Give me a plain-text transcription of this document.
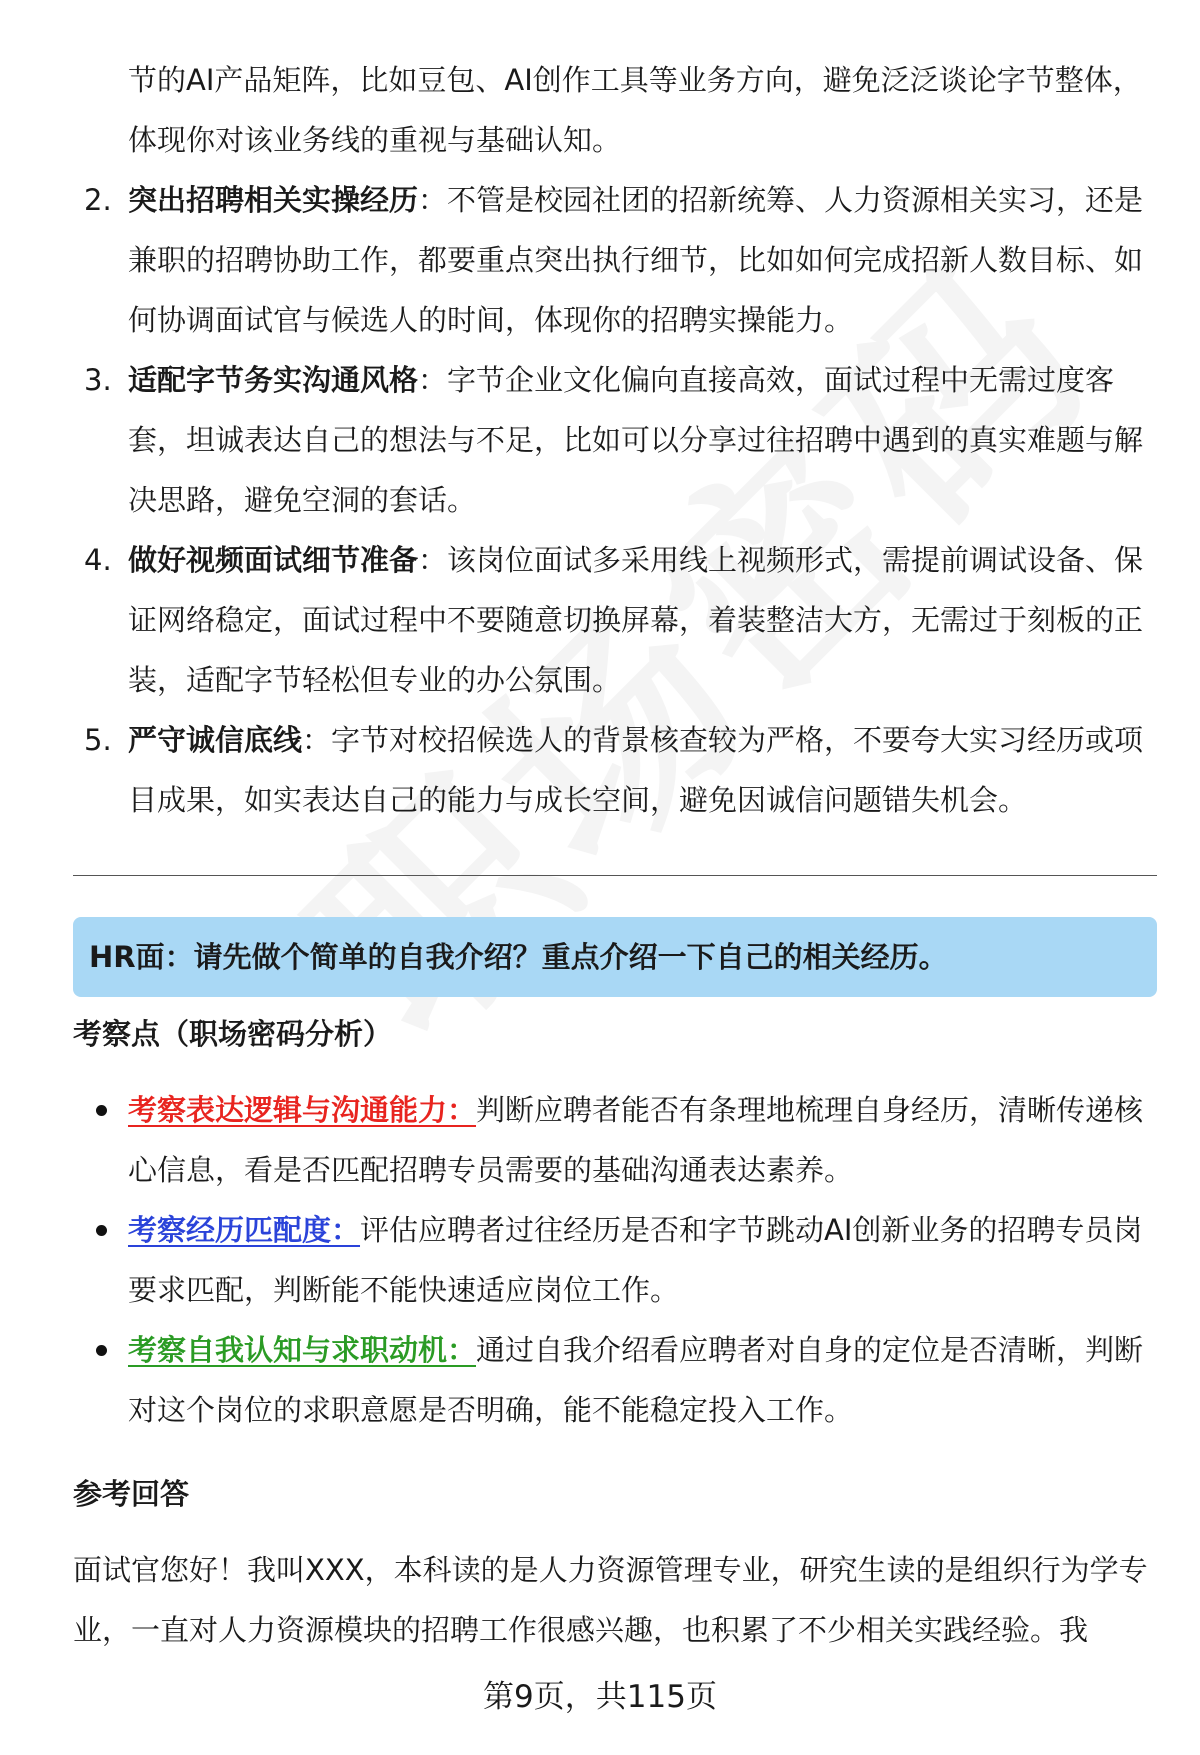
节的AI产品矩阵，比如豆包、AI创作工具等业务方向，避免泛泛谈论字节整体，体现你对该业务线的重视与基础认知。
2. 突出招聘相关实操经历：不管是校园社团的招新统筹、人力资源相关实习，还是兼职的招聘协助工作，都要重点突出执行细节，比如如何完成招新人数目标、如何协调面试官与候选人的时间，体现你的招聘实操能力。
3. 适配字节务实沟通风格：字节企业文化偏向直接高效，面试过程中无需过度客套，坦诚表达自己的想法与不足，比如可以分享过往招聘中遇到的真实难题与解决思路，避免空洞的套话。
4. 做好视频面试细节准备：该岗位面试多采用线上视频形式，需提前调试设备、保证网络稳定，面试过程中不要随意切换屏幕，着装整洁大方，无需过于刻板的正装，适配字节轻松但专业的办公氛围。
5. 严守诚信底线：字节对校招候选人的背景核查较为严格，不要夸大实习经历或项目成果，如实表达自己的能力与成长空间，避免因诚信问题错失机会。
HR面：请先做个简单的自我介绍？重点介绍一下自己的相关经历。
考察点（职场密码分析）
考察表达逻辑与沟通能力：判断应聘者能否有条理地梳理自身经历，清晰传递核心信息，看是否匹配招聘专员需要的基础沟通表达素养。
考察经历匹配度：评估应聘者过往经历是否和字节跳动AI创新业务的招聘专员岗要求匹配，判断能不能快速适应岗位工作。
考察自我认知与求职动机：通过自我介绍看应聘者对自身的定位是否清晰，判断对这个岗位的求职意愿是否明确，能不能稳定投入工作。
参考回答
面试官您好！我叫XXX，本科读的是人力资源管理专业，研究生读的是组织行为学专业，一直对人力资源模块的招聘工作很感兴趣，也积累了不少相关实践经验。我
第9页，共115页
